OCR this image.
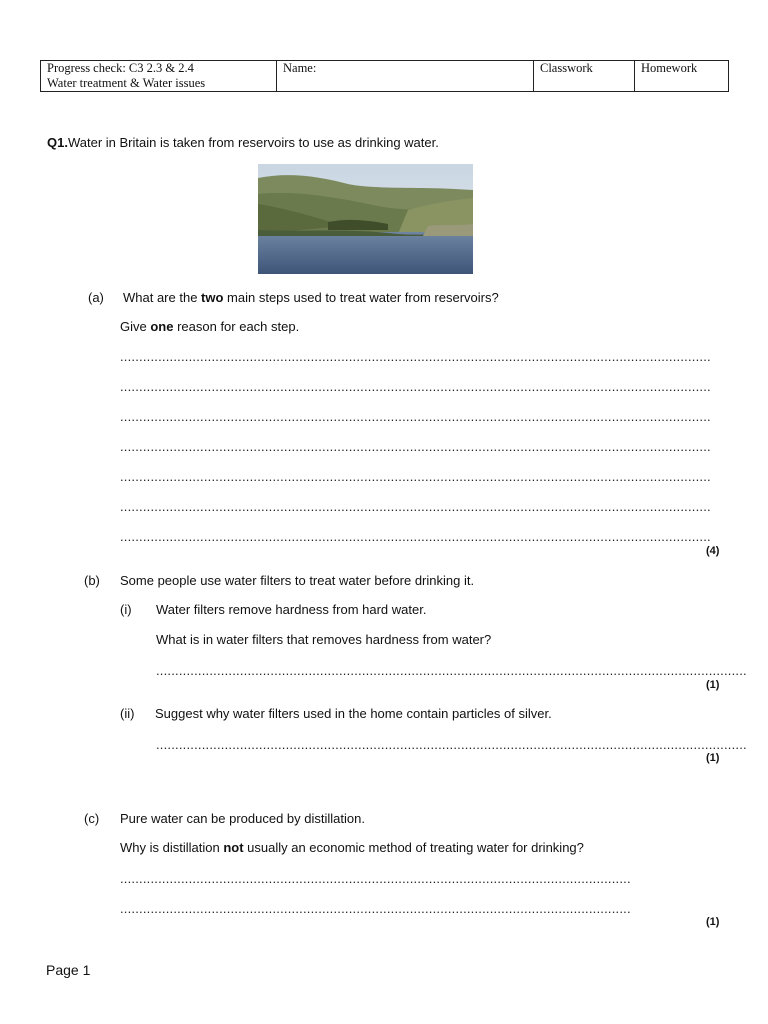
Progress check: C3 2.3 & 2.4
Water treatment & Water issues
	Name:	Classwork	Homework
Q1.Water in Britain is taken from reservoirs to use as drinking water.
(a) What are the two main steps used to treat water from reservoirs?
Give one reason for each step.
...........................................................................................................................................................
...........................................................................................................................................................
...........................................................................................................................................................
...........................................................................................................................................................
...........................................................................................................................................................
...........................................................................................................................................................
...........................................................................................................................................................
(4)
(b) Some people use water filters to treat water before drinking it.
(i) Water filters remove hardness from hard water.
What is in water filters that removes hardness from water?
...........................................................................................................................................................
(1)
(ii) Suggest why water filters used in the home contain particles of silver.
...........................................................................................................................................................
(1)
(c) Pure water can be produced by distillation.
Why is distillation not usually an economic method of treating water for drinking?
......................................................................................................................................
......................................................................................................................................
(1)
Page 1
